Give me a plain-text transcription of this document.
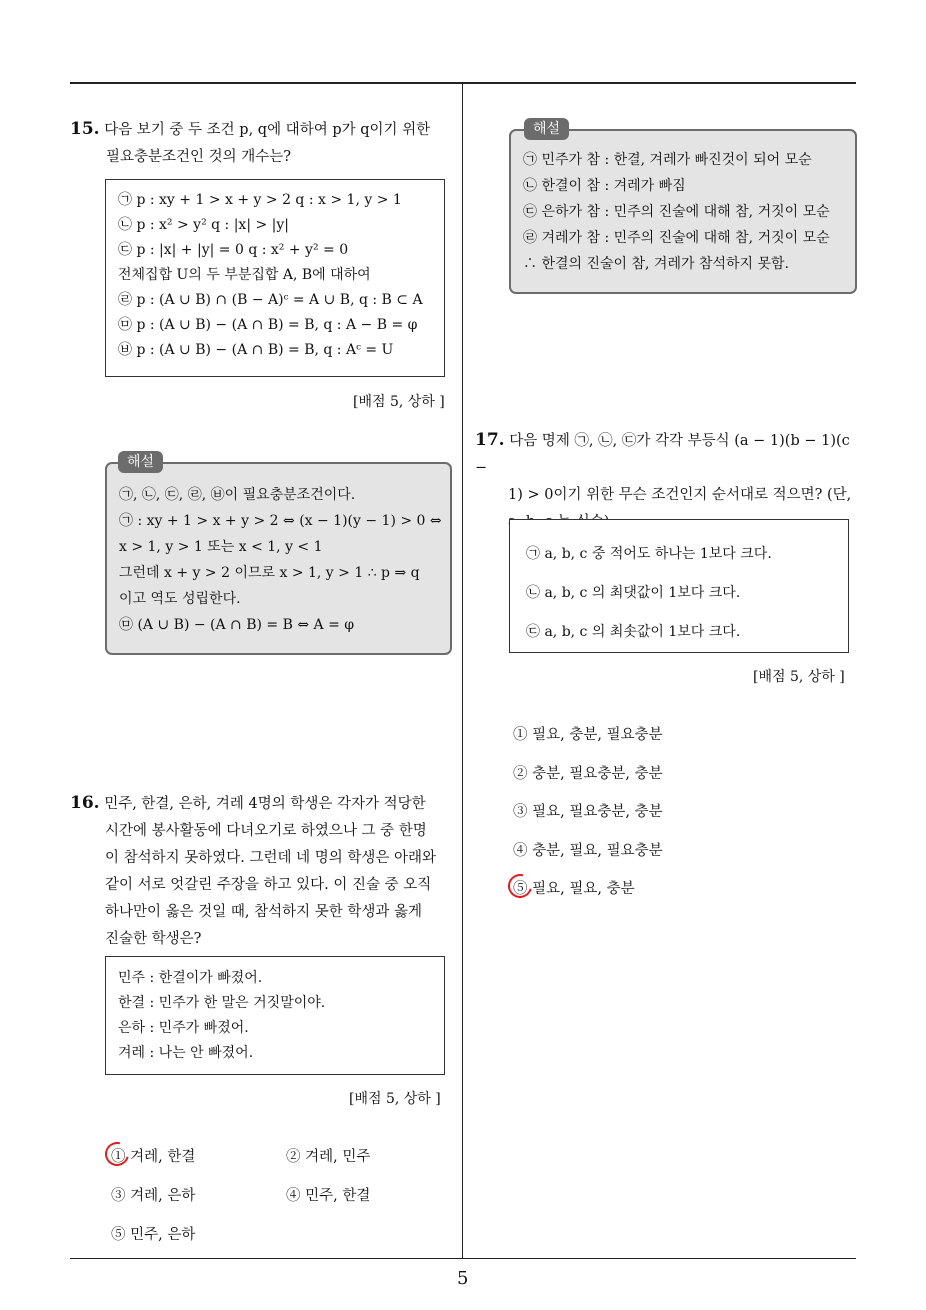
15. 다음 보기 중 두 조건 p, q에 대하여 p가 q이기 위한
필요충분조건인 것의 개수는?
㉠ p : xy + 1 > x + y > 2 q : x > 1, y > 1
㉡ p : x² > y² q : |x| > |y|
㉢ p : |x| + |y| = 0 q : x² + y² = 0
전체집합 U의 두 부분집합 A, B에 대하여
㉣ p : (A ∪ B) ∩ (B − A)ᶜ = A ∪ B, q : B ⊂ A
㉤ p : (A ∪ B) − (A ∩ B) = B, q : A − B = φ
㉥ p : (A ∪ B) − (A ∩ B) = B, q : Aᶜ = U
[배점 5, 상하 ]
㉠, ㉡, ㉢, ㉣, ㉥이 필요충분조건이다.
㉠ : xy + 1 > x + y > 2 ⇔ (x − 1)(y − 1) > 0 ⇔
x > 1, y > 1 또는 x < 1, y < 1
그런데 x + y > 2 이므로 x > 1, y > 1 ∴ p ⇒ q
이고 역도 성립한다.
㉤ (A ∪ B) − (A ∩ B) = B ⇔ A = φ
해설
16. 민주, 한결, 은하, 겨레 4명의 학생은 각자가 적당한
시간에 봉사활동에 다녀오기로 하였으나 그 중 한명
이 참석하지 못하였다. 그런데 네 명의 학생은 아래와
같이 서로 엇갈린 주장을 하고 있다. 이 진술 중 오직
하나만이 옳은 것일 때, 참석하지 못한 학생과 옳게
진술한 학생은?
민주 : 한결이가 빠졌어.
한결 : 민주가 한 말은 거짓말이야.
은하 : 민주가 빠졌어.
겨레 : 나는 안 빠졌어.
[배점 5, 상하 ]
① 겨레, 한결	② 겨레, 민주
③ 겨레, 은하	④ 민주, 한결
⑤ 민주, 은하
㉠ 민주가 참 : 한결, 겨레가 빠진것이 되어 모순
㉡ 한결이 참 : 겨레가 빠짐
㉢ 은하가 참 : 민주의 진술에 대해 참, 거짓이 모순
㉣ 겨레가 참 : 민주의 진술에 대해 참, 거짓이 모순
∴ 한결의 진술이 참, 겨레가 참석하지 못함.
해설
17. 다음 명제 ㉠, ㉡, ㉢가 각각 부등식 (a − 1)(b − 1)(c −
1) > 0이기 위한 무슨 조건인지 순서대로 적으면? (단,
㉠ a, b, c 중 적어도 하나는 1보다 크다.
㉡ a, b, c 의 최댓값이 1보다 크다.
㉢ a, b, c 의 최솟값이 1보다 크다.
[배점 5, 상하 ]
① 필요, 충분, 필요충분
② 충분, 필요충분, 충분
③ 필요, 필요충분, 충분
④ 충분, 필요, 필요충분
⑤ 필요, 필요, 충분
5
